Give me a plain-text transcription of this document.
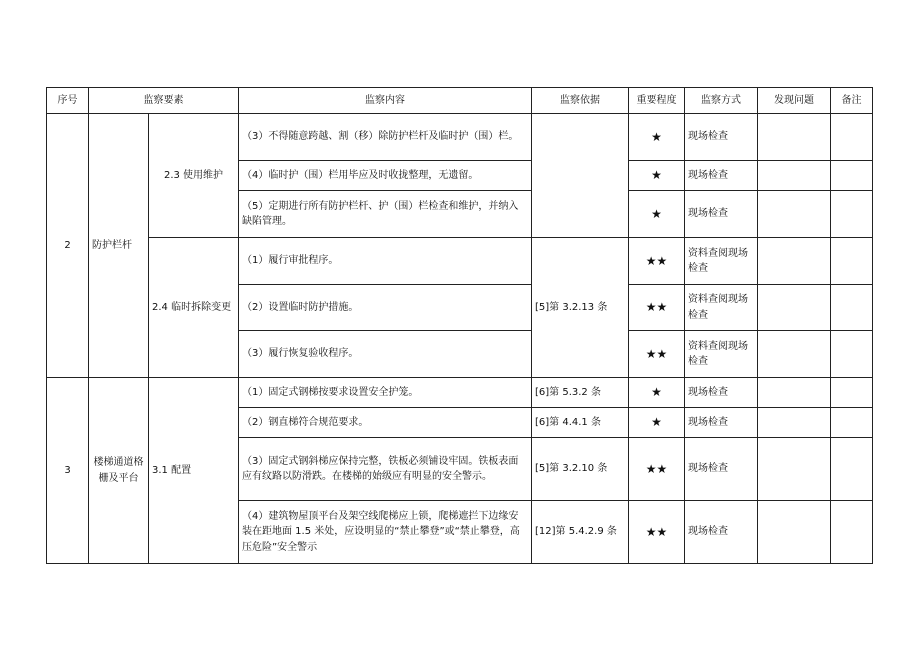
序号	监察要素		监察内容	监察依据	重要程度	监察方式	发现问题	备注
2	防护栏杆	2.3 使用维护	（3）不得随意跨越、割（移）除防护栏杆及临时护（围）栏。		★	现场检查		
			（4）临时护（围）栏用毕应及时收拢整理，无遗留。		★	现场检查		
			（5）定期进行所有防护栏杆、护（围）栏检查和维护，并纳入缺陷管理。		★	现场检查		
		2.4 临时拆除变更	（1）履行审批程序。	[5]第 3.2.13 条	★★	资料查阅现场检查		
			（2）设置临时防护措施。		★★	资料查阅现场检查		
			（3）履行恢复验收程序。		★★	资料查阅现场检查		
3	楼梯通道格栅及平台	3.1 配置	（1）固定式钢梯按要求设置安全护笼。	[6]第 5.3.2 条	★	现场检查		
			（2）钢直梯符合规范要求。	[6]第 4.4.1 条	★	现场检查		
			（3）固定式钢斜梯应保持完整，铁板必须铺设牢固。铁板表面应有纹路以防滑跌。在楼梯的始级应有明显的安全警示。	[5]第 3.2.10 条	★★	现场检查		
			（4）建筑物屋顶平台及架空线爬梯应上锁，爬梯遮拦下边缘安装在距地面 1.5 米处，应设明显的“禁止攀登”或“禁止攀登，高压危险”安全警示	[12]第 5.4.2.9 条	★★	现场检查		
